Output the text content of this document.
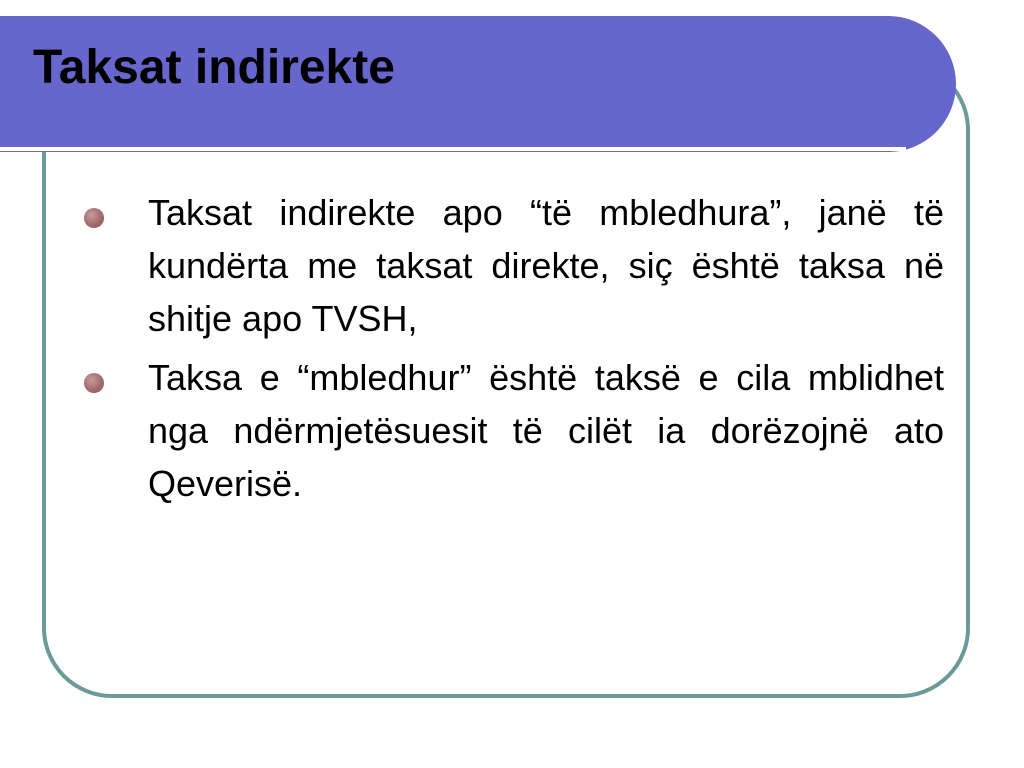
Taksat indirekte
Taksat indirekte apo “të mbledhura”, janë të kundërta me taksat direkte, siç është taksa në shitje apo TVSH,
Taksa e “mbledhur” është taksë e cila mblidhet nga ndërmjetësuesit të cilët ia dorëzojnë ato Qeverisë.
